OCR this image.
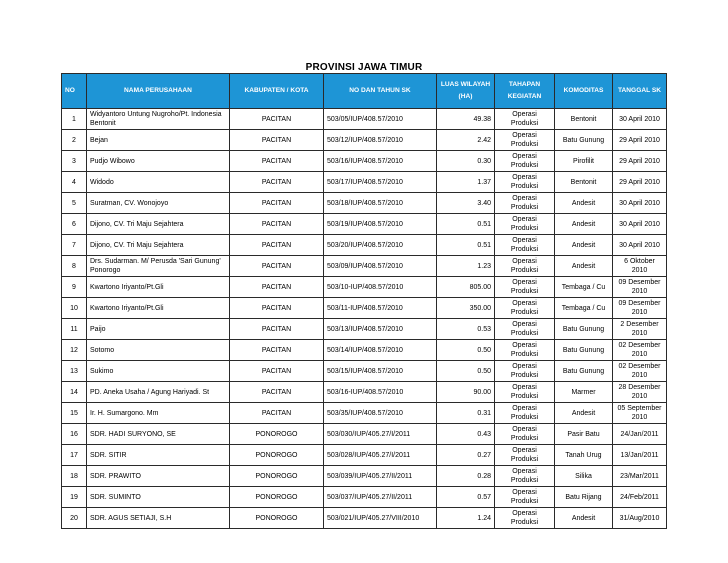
PROVINSI JAWA TIMUR
NO	NAMA PERUSAHAAN	KABUPATEN / KOTA	NO DAN TAHUN SK	LUAS WILAYAH (HA)	TAHAPAN KEGIATAN	KOMODITAS	TANGGAL SK
1	Widyantoro Untung Nugroho/Pt. Indonesia Bentonit	PACITAN	503/05/IUP/408.57/2010	49.38	Operasi Produksi	Bentonit	30 April 2010
2	Bejan	PACITAN	503/12/IUP/408.57/2010	2.42	Operasi Produksi	Batu Gunung	29 April 2010
3	Pudjo Wibowo	PACITAN	503/16/IUP/408.57/2010	0.30	Operasi Produksi	Pirofilit	29 April 2010
4	Widodo	PACITAN	503/17/IUP/408.57/2010	1.37	Operasi Produksi	Bentonit	29 April 2010
5	Suratman, CV. Wonojoyo	PACITAN	503/18/IUP/408.57/2010	3.40	Operasi Produksi	Andesit	30 April 2010
6	Dijono, CV. Tri Maju Sejahtera	PACITAN	503/19/IUP/408.57/2010	0.51	Operasi Produksi	Andesit	30 April 2010
7	Dijono, CV. Tri Maju Sejahtera	PACITAN	503/20/IUP/408.57/2010	0.51	Operasi Produksi	Andesit	30 April 2010
8	Drs. Sudarman. M/ Perusda 'Sari Gunung' Ponorogo	PACITAN	503/09/IUP/408.57/2010	1.23	Operasi Produksi	Andesit	6 Oktober 2010
9	Kwartono Iriyanto/Pt.Gli	PACITAN	503/10-IUP/408.57/2010	805.00	Operasi Produksi	Tembaga / Cu	09 Desember 2010
10	Kwartono Iriyanto/Pt.Gli	PACITAN	503/11-IUP/408.57/2010	350.00	Operasi Produksi	Tembaga / Cu	09 Desember 2010
11	Paijo	PACITAN	503/13/IUP/408.57/2010	0.53	Operasi Produksi	Batu Gunung	2 Desember 2010
12	Sotomo	PACITAN	503/14/IUP/408.57/2010	0.50	Operasi Produksi	Batu Gunung	02 Desember 2010
13	Sukimo	PACITAN	503/15/IUP/408.57/2010	0.50	Operasi Produksi	Batu Gunung	02 Desember 2010
14	PD. Aneka Usaha / Agung Hariyadi. St	PACITAN	503/16-IUP/408.57/2010	90.00	Operasi Produksi	Marmer	28 Desember 2010
15	Ir. H. Sumargono. Mm	PACITAN	503/35/IUP/408.57/2010	0.31	Operasi Produksi	Andesit	05 September 2010
16	SDR. HADI SURYONO, SE	PONOROGO	503/030/IUP/405.27/I/2011	0.43	Operasi Produksi	Pasir Batu	24/Jan/2011
17	SDR. SITIR	PONOROGO	503/028/IUP/405.27/I/2011	0.27	Operasi Produksi	Tanah Urug	13/Jan/2011
18	SDR. PRAWITO	PONOROGO	503/039/IUP/405.27/II/2011	0.28	Operasi Produksi	Silika	23/Mar/2011
19	SDR. SUMINTO	PONOROGO	503/037/IUP/405.27/II/2011	0.57	Operasi Produksi	Batu Rijang	24/Feb/2011
20	SDR. AGUS SETIAJI, S.H	PONOROGO	503/021/IUP/405.27/VIII/2010	1.24	Operasi Produksi	Andesit	31/Aug/2010
